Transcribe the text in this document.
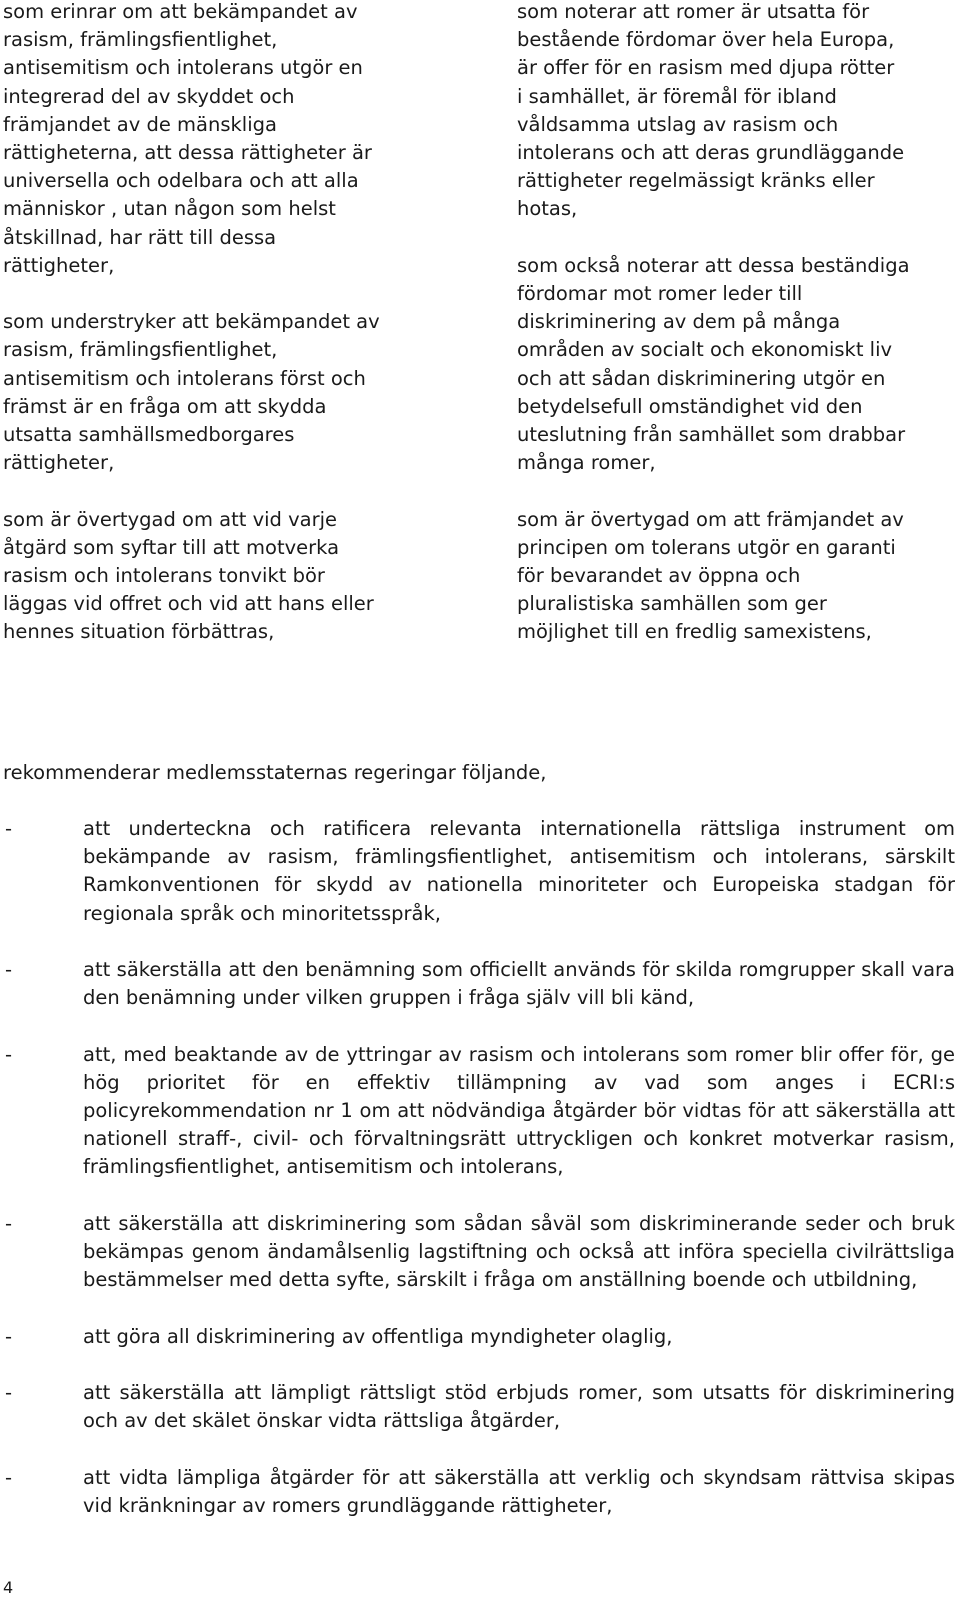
som erinrar om att bekämpandet av
rasism, främlingsfientlighet,
antisemitism och intolerans utgör en
integrerad del av skyddet och
främjandet av de mänskliga
rättigheterna, att dessa rättigheter är
universella och odelbara och att alla
människor , utan någon som helst
åtskillnad, har rätt till dessa
rättigheter,

som understryker att bekämpandet av
rasism, främlingsfientlighet,
antisemitism och intolerans först och
främst är en fråga om att skydda
utsatta samhällsmedborgares
rättigheter,

som är övertygad om att vid varje
åtgärd som syftar till att motverka
rasism och intolerans tonvikt bör
läggas vid offret och vid att hans eller
hennes situation förbättras,

som noterar att romer är utsatta för
bestående fördomar över hela Europa,
är offer för en rasism med djupa rötter
i samhället, är föremål för ibland
våldsamma utslag av rasism och
intolerans och att deras grundläggande
rättigheter regelmässigt kränks eller
hotas,

som också noterar att dessa beständiga
fördomar mot romer leder till
diskriminering av dem på många
områden av socialt och ekonomiskt liv
och att sådan diskriminering utgör en
betydelsefull omständighet vid den
uteslutning från samhället som drabbar
många romer,

som är övertygad om att främjandet av
principen om tolerans utgör en garanti
för bevarandet av öppna och
pluralistiska samhällen som ger
möjlighet till en fredlig samexistens,

rekommenderar medlemsstaternas regeringar följande,

-	att underteckna och ratificera relevanta internationella rättsliga instrument om bekämpande av rasism, främlingsfientlighet, antisemitism och intolerans, särskilt Ramkonventionen för skydd av nationella minoriteter och Europeiska stadgan för regionala språk och minoritetsspråk,
-	att säkerställa att den benämning som officiellt används för skilda romgrupper skall vara den benämning under vilken gruppen i fråga själv vill bli känd,
-	att, med beaktande av de yttringar av rasism och intolerans som romer blir offer för, ge hög prioritet för en effektiv tillämpning av vad som anges i ECRI:s policyrekommendation nr 1 om att nödvändiga åtgärder bör vidtas för att säkerställa att nationell straff-, civil- och förvaltningsrätt uttryckligen och konkret motverkar rasism, främlingsfientlighet, antisemitism och intolerans,
-	att säkerställa att diskriminering som sådan såväl som diskriminerande seder och bruk bekämpas genom ändamålsenlig lagstiftning och också att införa speciella civilrättsliga bestämmelser med detta syfte, särskilt i fråga om anställning boende och utbildning,
-	att göra all diskriminering av offentliga myndigheter olaglig,
-	att säkerställa att lämpligt rättsligt stöd erbjuds romer, som utsatts för diskriminering och av det skälet önskar vidta rättsliga åtgärder,
-	att vidta lämpliga åtgärder för att säkerställa att verklig och skyndsam rättvisa skipas vid kränkningar av romers grundläggande rättigheter,
4
